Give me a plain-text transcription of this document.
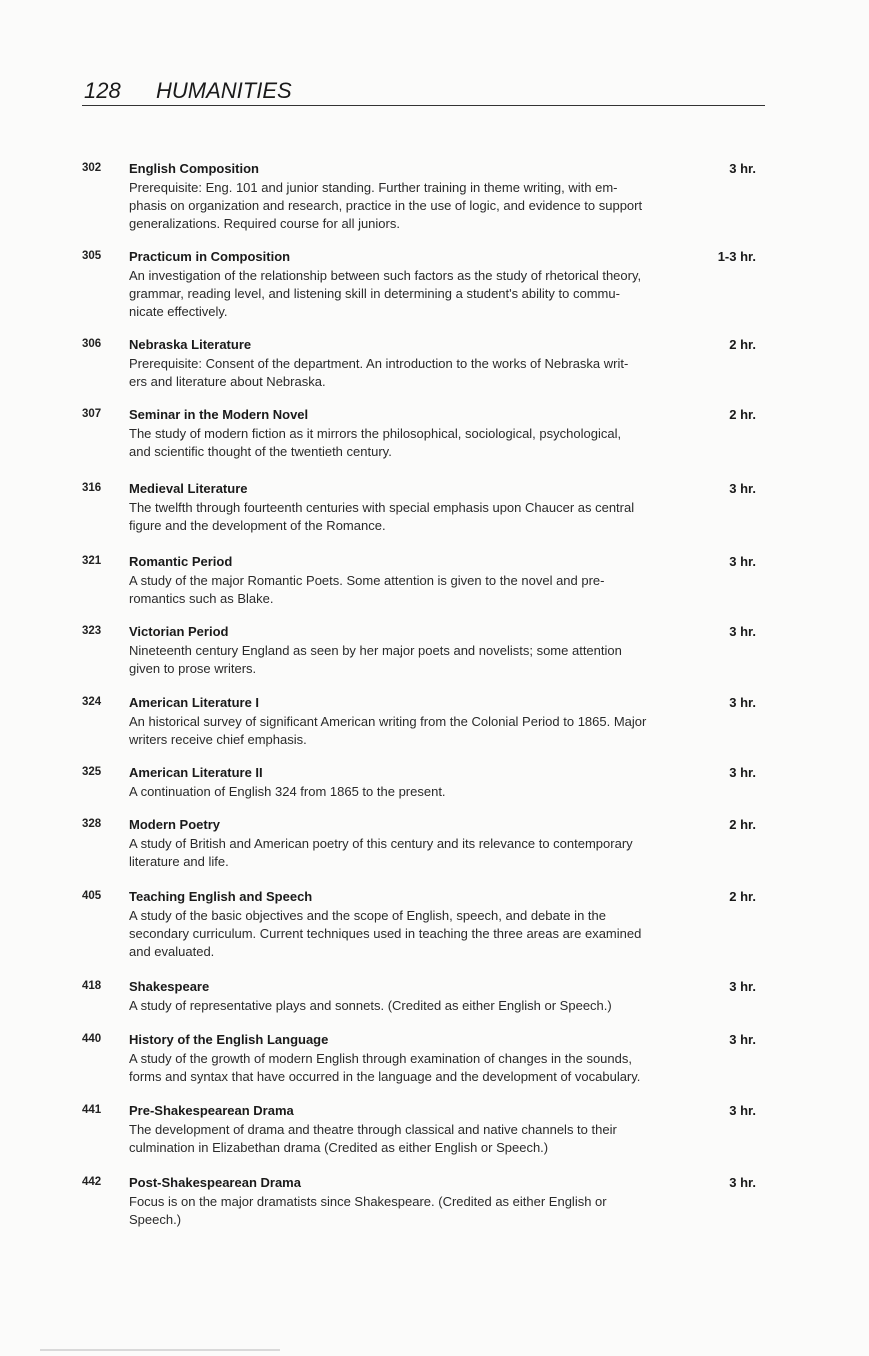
128 HUMANITIES
302 English Composition	3 hr.
Prerequisite: Eng. 101 and junior standing. Further training in theme writing, with em-
phasis on organization and research, practice in the use of logic, and evidence to support
generalizations. Required course for all juniors.
305 Practicum in Composition	1-3 hr.
An investigation of the relationship between such factors as the study of rhetorical theory,
grammar, reading level, and listening skill in determining a student's ability to commu-
nicate effectively.
306 Nebraska Literature	2 hr.
Prerequisite: Consent of the department. An introduction to the works of Nebraska writ-
ers and literature about Nebraska.
307 Seminar in the Modern Novel	2 hr.
The study of modern fiction as it mirrors the philosophical, sociological, psychological,
and scientific thought of the twentieth century.
316 Medieval Literature	3 hr.
The twelfth through fourteenth centuries with special emphasis upon Chaucer as central
figure and the development of the Romance.
321 Romantic Period	3 hr.
A study of the major Romantic Poets. Some attention is given to the novel and pre-
romantics such as Blake.
323 Victorian Period	3 hr.
Nineteenth century England as seen by her major poets and novelists; some attention
given to prose writers.
324 American Literature I	3 hr.
An historical survey of significant American writing from the Colonial Period to 1865. Major
writers receive chief emphasis.
325 American Literature II	3 hr.
A continuation of English 324 from 1865 to the present.
328 Modern Poetry	2 hr.
A study of British and American poetry of this century and its relevance to contemporary
literature and life.
405 Teaching English and Speech	2 hr.
A study of the basic objectives and the scope of English, speech, and debate in the
secondary curriculum. Current techniques used in teaching the three areas are examined
and evaluated.
418 Shakespeare	3 hr.
A study of representative plays and sonnets. (Credited as either English or Speech.)
440 History of the English Language	3 hr.
A study of the growth of modern English through examination of changes in the sounds,
forms and syntax that have occurred in the language and the development of vocabulary.
441 Pre-Shakespearean Drama	3 hr.
The development of drama and theatre through classical and native channels to their
culmination in Elizabethan drama (Credited as either English or Speech.)
442 Post-Shakespearean Drama	3 hr.
Focus is on the major dramatists since Shakespeare. (Credited as either English or
Speech.)
